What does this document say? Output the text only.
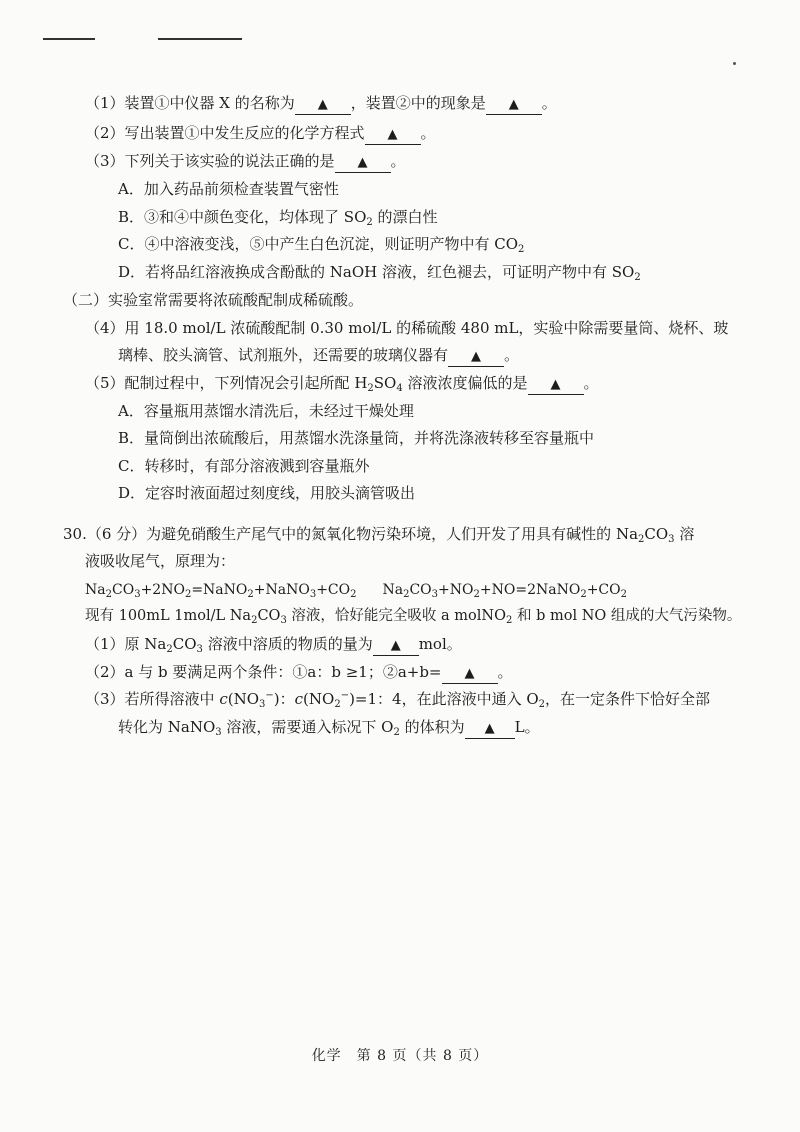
（1）装置①中仪器 X 的名称为 ▲ ，装置②中的现象是 ▲ 。
（2）写出装置①中发生反应的化学方程式 ▲ 。
（3）下列关于该实验的说法正确的是 ▲ 。
A．加入药品前须检查装置气密性
B．③和④中颜色变化，均体现了 $SO_2$ 的漂白性
C．④中溶液变浅，⑤中产生白色沉淀，则证明产物中有 $CO_2$
D．若将品红溶液换成含酚酞的 NaOH 溶液，红色褪去，可证明产物中有 $SO_2$
（二）实验室常需要将浓硫酸配制成稀硫酸。
（4）用 18.0 mol/L 浓硫酸配制 0.30 mol/L 的稀硫酸 480 mL，实验中除需要量筒、烧杯、玻
璃棒、胶头滴管、试剂瓶外，还需要的玻璃仪器有 ▲ 。
（5）配制过程中，下列情况会引起所配 $H_2SO_4$ 溶液浓度偏低的是 ▲ 。
A．容量瓶用蒸馏水清洗后，未经过干燥处理
B．量筒倒出浓硫酸后，用蒸馏水洗涤量筒，并将洗涤液转移至容量瓶中
C．转移时，有部分溶液溅到容量瓶外
D．定容时液面超过刻度线，用胶头滴管吸出
30.（6 分）为避免硝酸生产尾气中的氮氧化物污染环境，人们开发了用具有碱性的 $Na_2CO_3$ 溶
液吸收尾气，原理为：
$Na_2CO_3+2NO_2=NaNO_2+NaNO_3+CO_2$ $Na_2CO_3+NO_2+NO=2NaNO_2+CO_2$
现有 100mL 1mol/L $Na_2CO_3$ 溶液，恰好能完全吸收 a molNO$_2$ 和 b mol NO 组成的大气污染物。
（1）原 $Na_2CO_3$ 溶液中溶质的物质的量为 ▲ mol。
（2）a 与 b 要满足两个条件：①a：b ≥1；②a+b= ▲ 。
（3）若所得溶液中 $c(NO_3^-)$：$c(NO_2^-)=1$：4，在此溶液中通入 $O_2$，在一定条件下恰好全部
转化为 NaNO$_3$ 溶液，需要通入标况下 $O_2$ 的体积为 ▲ L。
化学　第 8 页（共 8 页）
